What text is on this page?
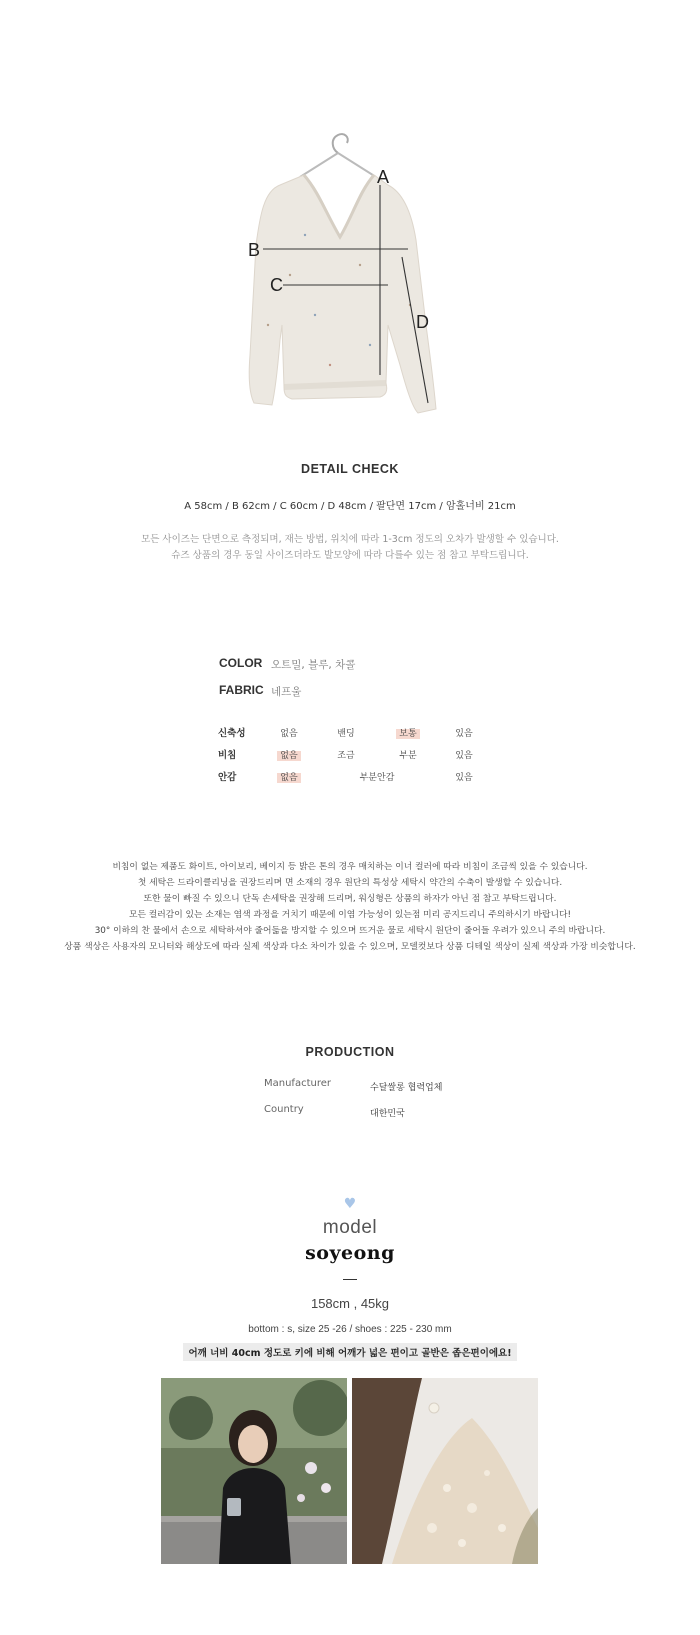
A
B
C
D
DETAIL CHECK
A 58cm / B 62cm / C 60cm / D 48cm / 팔단면 17cm / 암홀너비 21cm
모든 사이즈는 단면으로 측정되며, 재는 방법, 위치에 따라 1-3cm 정도의 오차가 발생할 수 있습니다.
슈즈 상품의 경우 동일 사이즈더라도 발모양에 따라 다를수 있는 점 참고 부탁드립니다.
COLOR 오트밀, 블루, 차콜
FABRIC 네프울
신축성	없음	밴딩	보통	있음
비침	없음	조금	부분	있음
안감	없음	부분안감	있음
비침이 없는 제품도 화이트, 아이보리, 베이지 등 밝은 톤의 경우 매치하는 이너 컬러에 따라 비침이 조금씩 있을 수 있습니다.
첫 세탁은 드라이클리닝을 권장드리며 면 소재의 경우 원단의 특성상 세탁시 약간의 수축이 발생할 수 있습니다.
또한 물이 빠질 수 있으니 단독 손세탁을 권장해 드리며, 워싱형은 상품의 하자가 아닌 점 참고 부탁드립니다.
모든 컬러감이 있는 소재는 염색 과정을 거치기 때문에 이염 가능성이 있는점 미리 공지드리니 주의하시기 바랍니다!
30° 이하의 찬 물에서 손으로 세탁하셔야 줄어듦을 방지할 수 있으며 뜨거운 물로 세탁시 원단이 줄어들 우려가 있으니 주의 바랍니다.
상품 색상은 사용자의 모니터와 해상도에 따라 실제 색상과 다소 차이가 있을 수 있으며, 모델컷보다 상품 디테일 색상이 실제 색상과 가장 비슷합니다.
PRODUCTION
Manufacturer	수달쌀롱 협력업체
Country	대한민국
♥
model
soyeong
158cm , 45kg
bottom : s, size 25 -26 / shoes : 225 - 230 mm
어깨 너비 40cm 정도로 키에 비해 어깨가 넓은 편이고 골반은 좁은편이에요!
